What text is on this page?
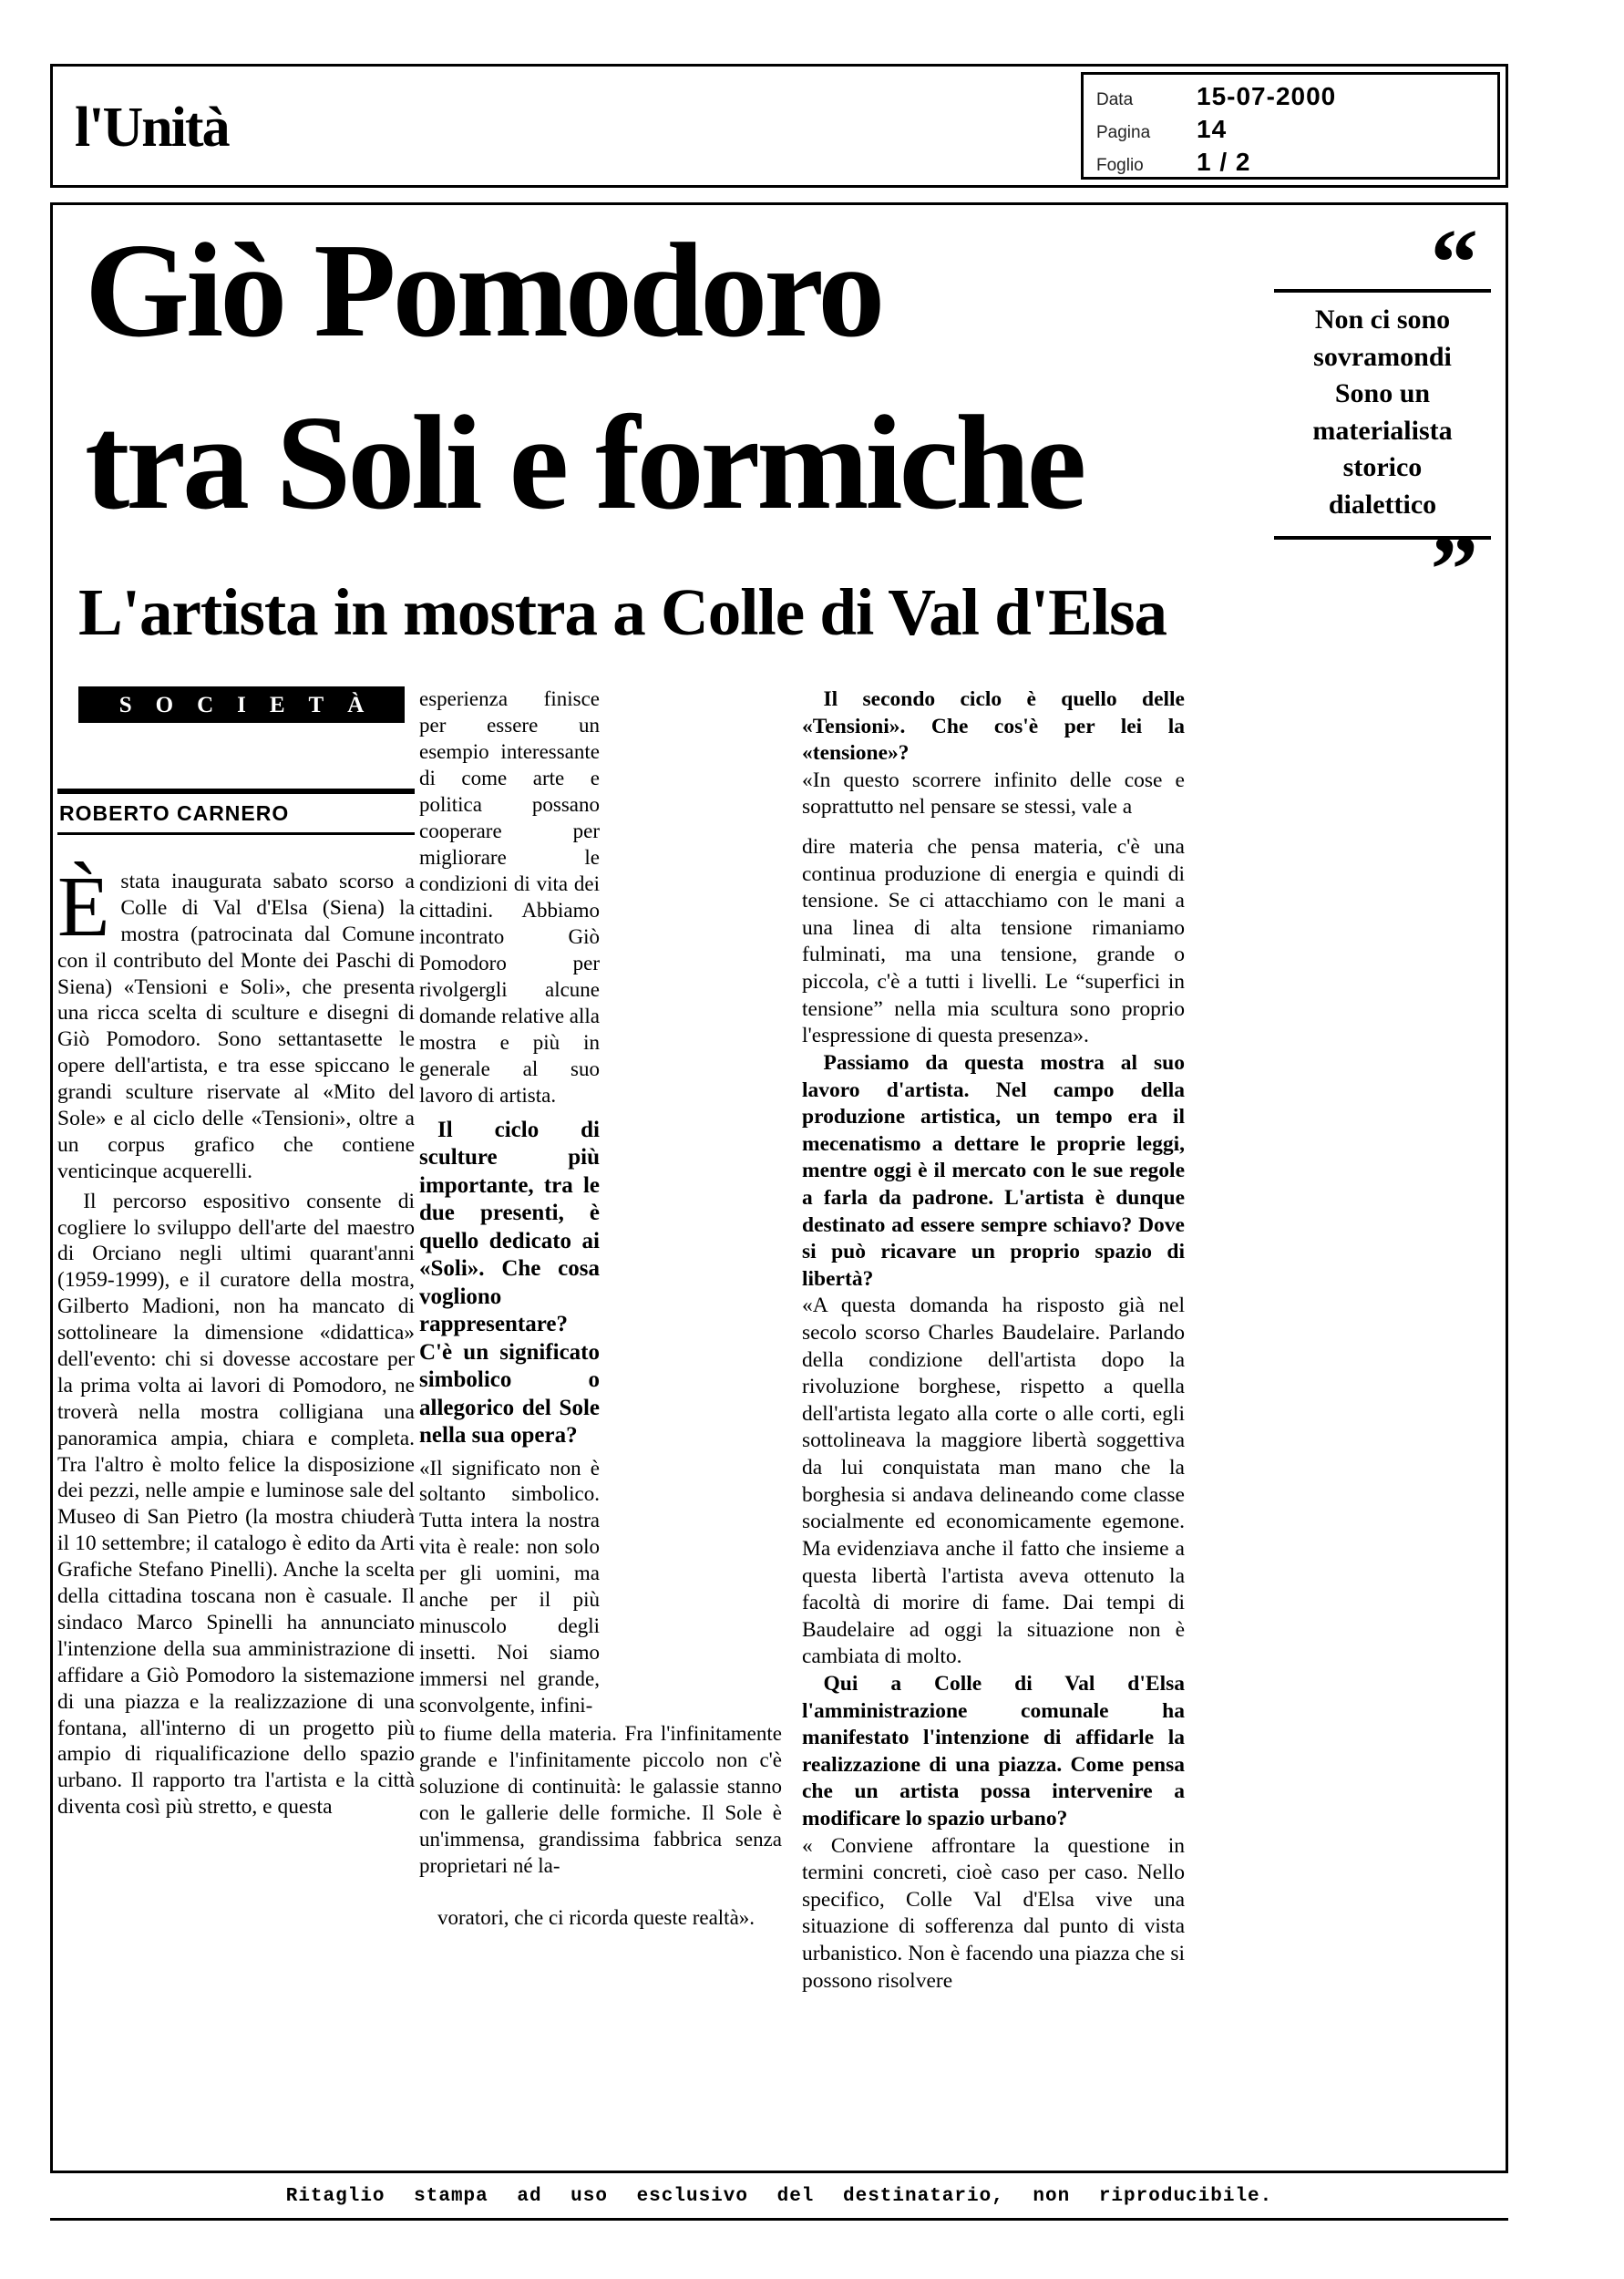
l'Unità	Data	15-07-2000
Pagina	14
Foglio	1 / 2
Giò Pomodoro
tra Soli e formiche
“
Non ci sono sovramondi Sono un materialista storico dialettico
”
L'artista in mostra a Colle di Val d'Elsa
SOCIETÀ
ROBERTO CARNERO

Èstata inaugurata sabato scorso a Colle di Val d'Elsa (Siena) la mostra (patrocinata dal Comune con il contributo del Monte dei Paschi di Siena) «Tensioni e Soli», che presenta una ricca scelta di sculture e disegni di Giò Pomodoro. Sono settantasette le opere dell'artista, e tra esse spiccano le grandi sculture riservate al «Mito del Sole» e al ciclo delle «Tensioni», oltre a un corpus grafico che contiene venticinque acquerelli.

Il percorso espositivo consente di cogliere lo sviluppo dell'arte del maestro di Orciano negli ultimi quarant'anni (1959-1999), e il curatore della mostra, Gilberto Madioni, non ha mancato di sottolineare la dimensione «didattica» dell'evento: chi si dovesse accostare per la prima volta ai lavori di Pomodoro, ne troverà nella mostra colligiana una panoramica ampia, chiara e completa. Tra l'altro è molto felice la disposizione dei pezzi, nelle ampie e luminose sale del Museo di San Pietro (la mostra chiuderà il 10 settembre; il catalogo è edito da Arti Grafiche Stefano Pinelli). Anche la scelta della cittadina toscana non è casuale. Il sindaco Marco Spinelli ha annunciato l'intenzione della sua amministrazione di affidare a Giò Pomodoro la sistemazione di una piazza e la realizzazione di una fontana, all'interno di un progetto più ampio di riqualificazione dello spazio urbano. Il rapporto tra l'artista e la città diventa così più stretto, e questa

esperienza finisce per essere un esempio interessante di come arte e politica possano cooperare per migliorare le condizioni di vita dei cittadini. Abbiamo incontrato Giò Pomodoro per rivolgergli alcune domande relative alla mostra e più in generale al suo lavoro di artista.

Il ciclo di sculture più importante, tra le due presenti, è quello dedicato ai «Soli». Che cosa vogliono rappresentare? C'è un significato simbolico o allegorico del Sole nella sua opera?

«Il significato non è soltanto simbolico. Tutta intera la nostra vita è reale: non solo per gli uomini, ma anche per il più minuscolo degli insetti. Noi siamo immersi nel grande, sconvolgente, infini-

to fiume della materia. Fra l'infinitamente grande e l'infinitamente piccolo non c'è soluzione di continuità: le galassie stanno con le gallerie delle formiche. Il Sole è un'immensa, grandissima fabbrica senza proprietari né la-

voratori, che ci ricorda queste realtà».

Il secondo ciclo è quello delle «Tensioni». Che cos'è per lei la «tensione»?

«In questo scorrere infinito delle cose e soprattutto nel pensare se stessi, vale a

dire materia che pensa materia, c'è una continua produzione di energia e quindi di tensione. Se ci attacchiamo con le mani a una linea di alta tensione rimaniamo fulminati, ma una tensione, grande o piccola, c'è a tutti i livelli. Le “superfici in tensione” nella mia scultura sono proprio l'espressione di questa presenza».

Passiamo da questa mostra al suo lavoro d'artista. Nel campo della produzione artistica, un tempo era il mecenatismo a dettare le proprie leggi, mentre oggi è il mercato con le sue regole a farla da padrone. L'artista è dunque destinato ad essere sempre schiavo? Dove si può ricavare un proprio spazio di libertà?

«A questa domanda ha risposto già nel secolo scorso Charles Baudelaire. Parlando della condizione dell'artista dopo la rivoluzione borghese, rispetto a quella dell'artista legato alla corte o alle corti, egli sottolineava la maggiore libertà soggettiva da lui conquistata man mano che la borghesia si andava delineando come classe socialmente ed economicamente egemone. Ma evidenziava anche il fatto che insieme a questa libertà l'artista aveva ottenuto la facoltà di morire di fame. Dai tempi di Baudelaire ad oggi la situazione non è cambiata di molto.

Qui a Colle di Val d'Elsa l'amministrazione comunale ha manifestato l'intenzione di affidarle la realizzazione di una piazza. Come pensa che un artista possa intervenire a modificare lo spazio urbano?

« Conviene affrontare la questione in termini concreti, cioè caso per caso. Nello specifico, Colle Val d'Elsa vive una situazione di sofferenza dal punto di vista urbanistico. Non è facendo una piazza che si possono risolvere

Ritaglio stampa ad uso esclusivo del destinatario, non riproducibile.
